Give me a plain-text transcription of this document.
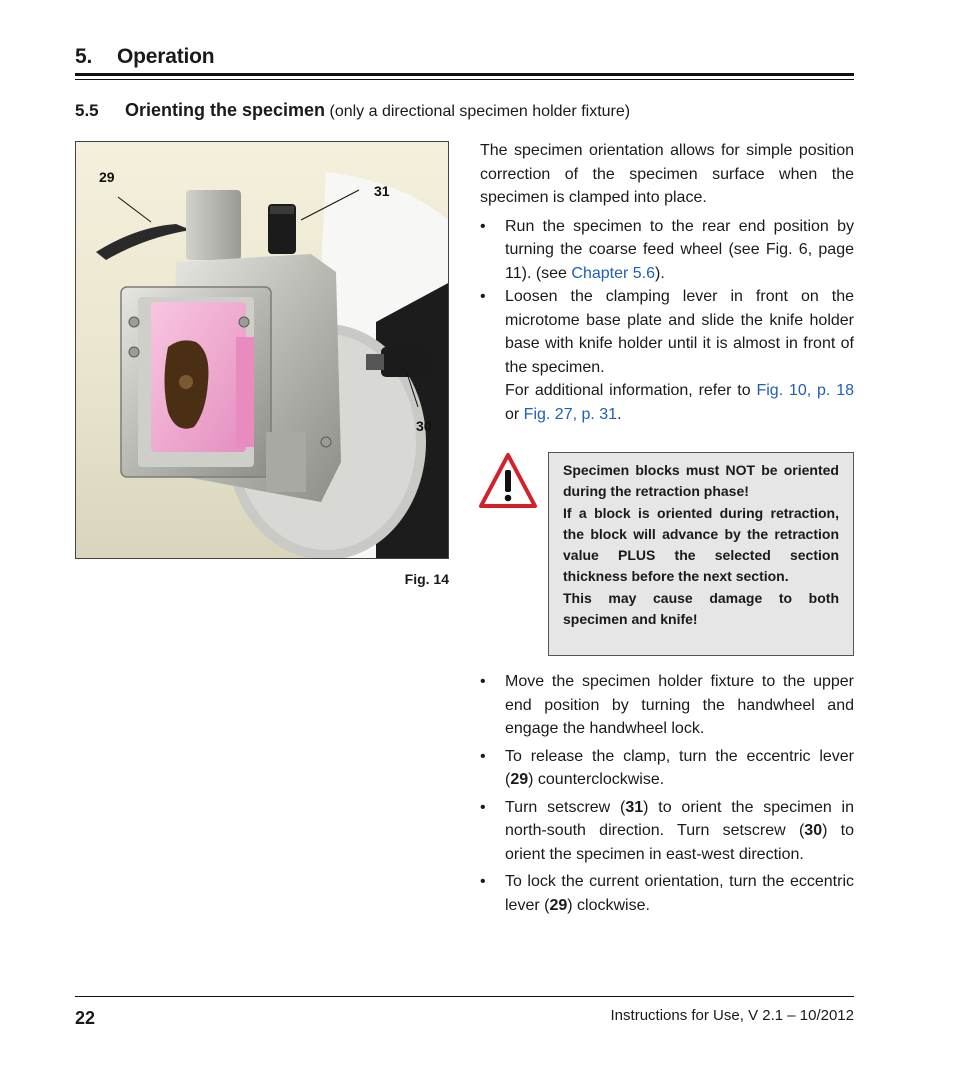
5. Operation
5.5 Orienting the specimen (only a directional specimen holder fixture)
29
31
30
Fig. 14
The specimen orientation allows for simple position correction of the specimen surface when the specimen is clamped into place.
• Run the specimen to the rear end position by turning the coarse feed wheel (see Fig. 6, page 11). (see Chapter 5.6).
• Loosen the clamping lever in front on the microtome base plate and slide the knife holder base with knife holder until it is almost in front of the specimen.
For additional information, refer to Fig. 10, p. 18 or Fig. 27, p. 31.

Specimen blocks must NOT be oriented during the retraction phase!

If a block is oriented during retraction, the block will advance by the retraction value PLUS the selected section thickness before the next section.

This may cause damage to both specimen and knife!

• Move the specimen holder fixture to the upper end position by turning the handwheel and engage the handwheel lock.
• To release the clamp, turn the eccentric lever (29) counterclockwise.
• Turn setscrew (31) to orient the specimen in north-south direction. Turn setscrew (30) to orient the specimen in east-west direction.
• To lock the current orientation, turn the eccentric lever (29) clockwise.
22	Instructions for Use, V 2.1 – 10/2012
